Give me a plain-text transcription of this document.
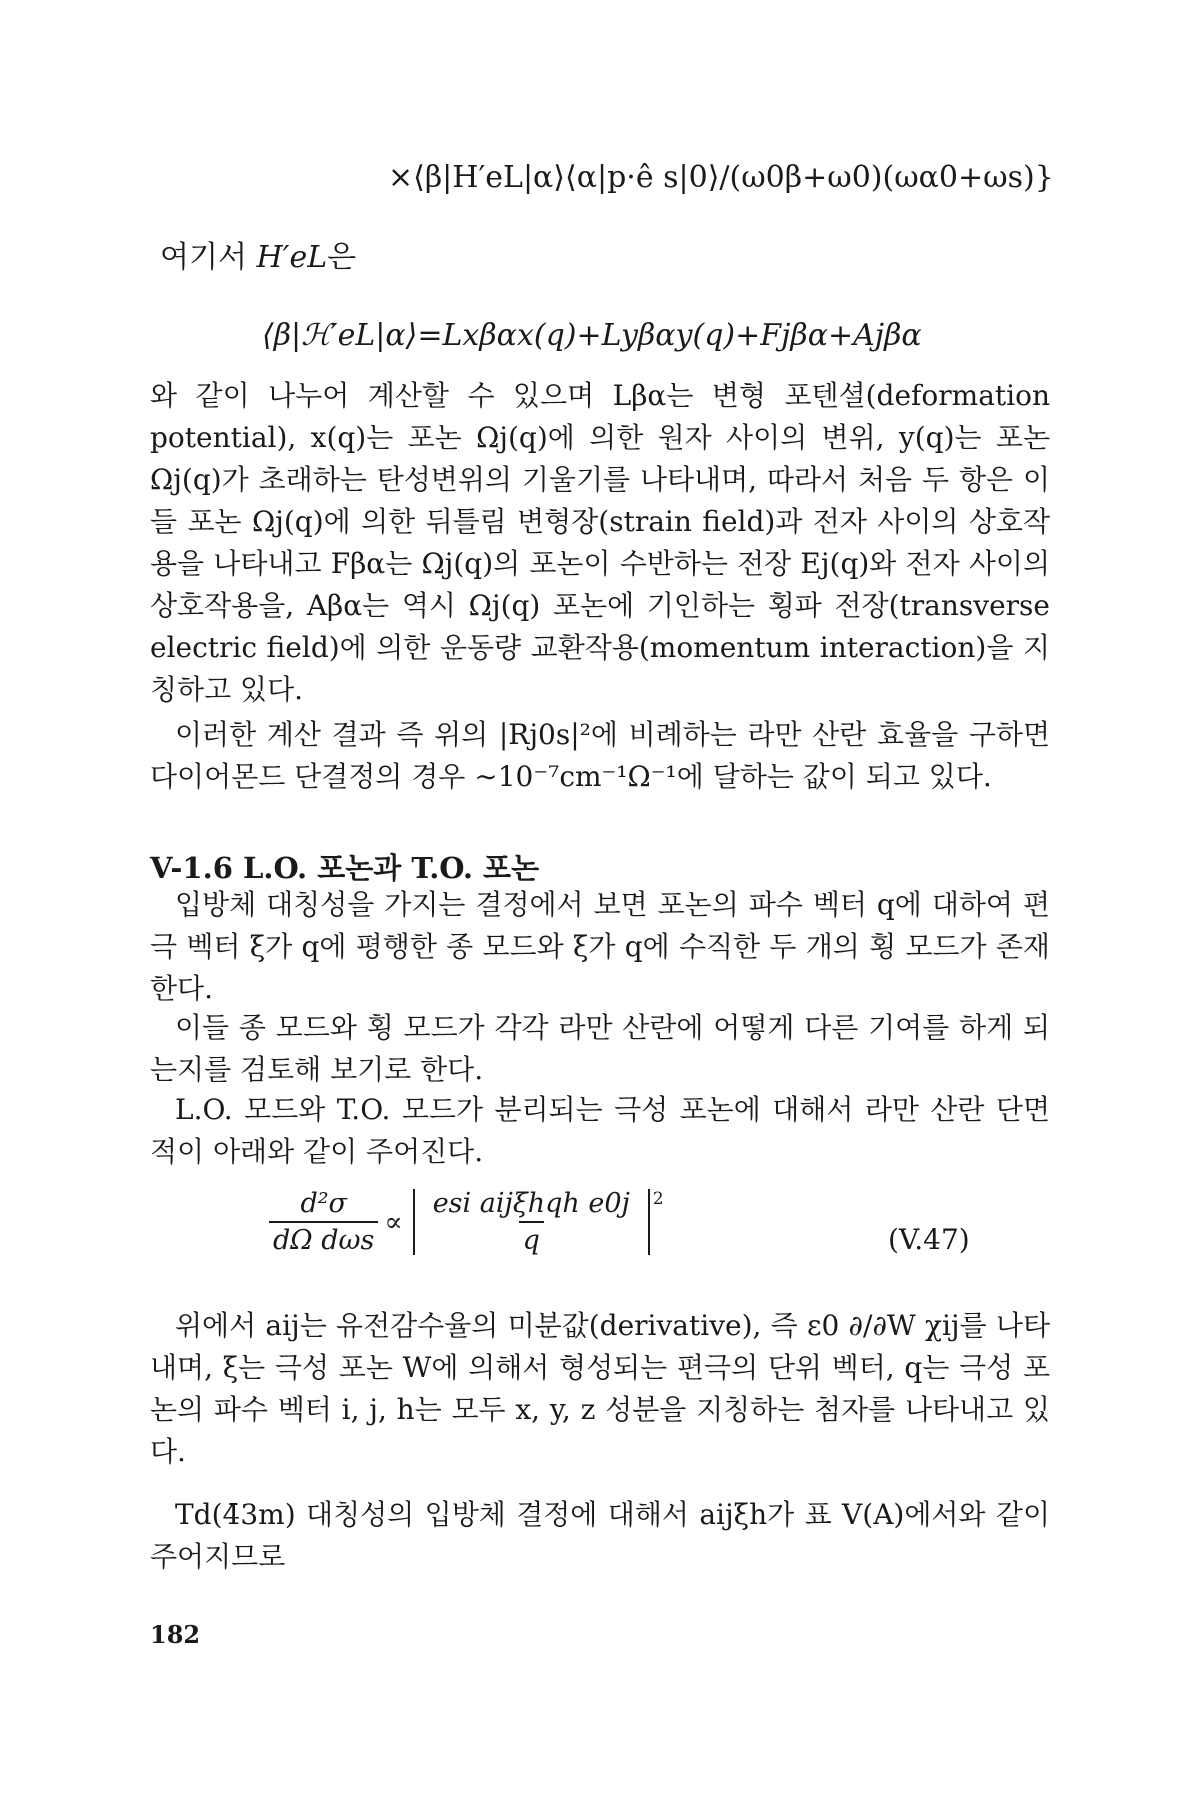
×⟨β|H′eL|α⟩⟨α|p·ê s|0⟩/(ω0β+ω0)(ωα0+ωs)}
여기서 H′eL은
⟨β|ℋ′eL|α⟩=Lxβαx(q)+Lyβαy(q)+Fjβα+Ajβα

와 같이 나누어 계산할 수 있으며 Lβα는 변형 포텐셜(deformation potential), x(q)는 포논 Ωj(q)에 의한 원자 사이의 변위, y(q)는 포논 Ωj(q)가 초래하는 탄성변위의 기울기를 나타내며, 따라서 처음 두 항은 이들 포논 Ωj(q)에 의한 뒤틀림 변형장(strain field)과 전자 사이의 상호작용을 나타내고 Fβα는 Ωj(q)의 포논이 수반하는 전장 Ej(q)와 전자 사이의 상호작용을, Aβα는 역시 Ωj(q) 포논에 기인하는 횡파 전장(transverse electric field)에 의한 운동량 교환작용(momentum interaction)을 지칭하고 있다.

이러한 계산 결과 즉 위의 |Rj0s|²에 비례하는 라만 산란 효율을 구하면 다이어몬드 단결정의 경우 ∼10⁻⁷cm⁻¹Ω⁻¹에 달하는 값이 되고 있다.

V-1.6 L.O. 포논과 T.O. 포논

입방체 대칭성을 가지는 결정에서 보면 포논의 파수 벡터 q에 대하여 편극 벡터 ξ가 q에 평행한 종 모드와 ξ가 q에 수직한 두 개의 횡 모드가 존재한다.

이들 종 모드와 횡 모드가 각각 라만 산란에 어떻게 다른 기여를 하게 되는지를 검토해 보기로 한다.

L.O. 모드와 T.O. 모드가 분리되는 극성 포논에 대해서 라만 산란 단면적이 아래와 같이 주어진다.

$\frac{\text{d²σ}}{\text{dΩ dωs}} \propto \frac{\text{esi aijξhqh e0j}}{q} ^2$
(V.47)

위에서 aij는 유전감수율의 미분값(derivative), 즉 ε0 ∂/∂W χij를 나타내며, ξ는 극성 포논 W에 의해서 형성되는 편극의 단위 벡터, q는 극성 포논의 파수 벡터 i, j, h는 모두 x, y, z 성분을 지칭하는 첨자를 나타내고 있다.

Td(4̄3m) 대칭성의 입방체 결정에 대해서 aijξh가 표 V(A)에서와 같이 주어지므로

182
